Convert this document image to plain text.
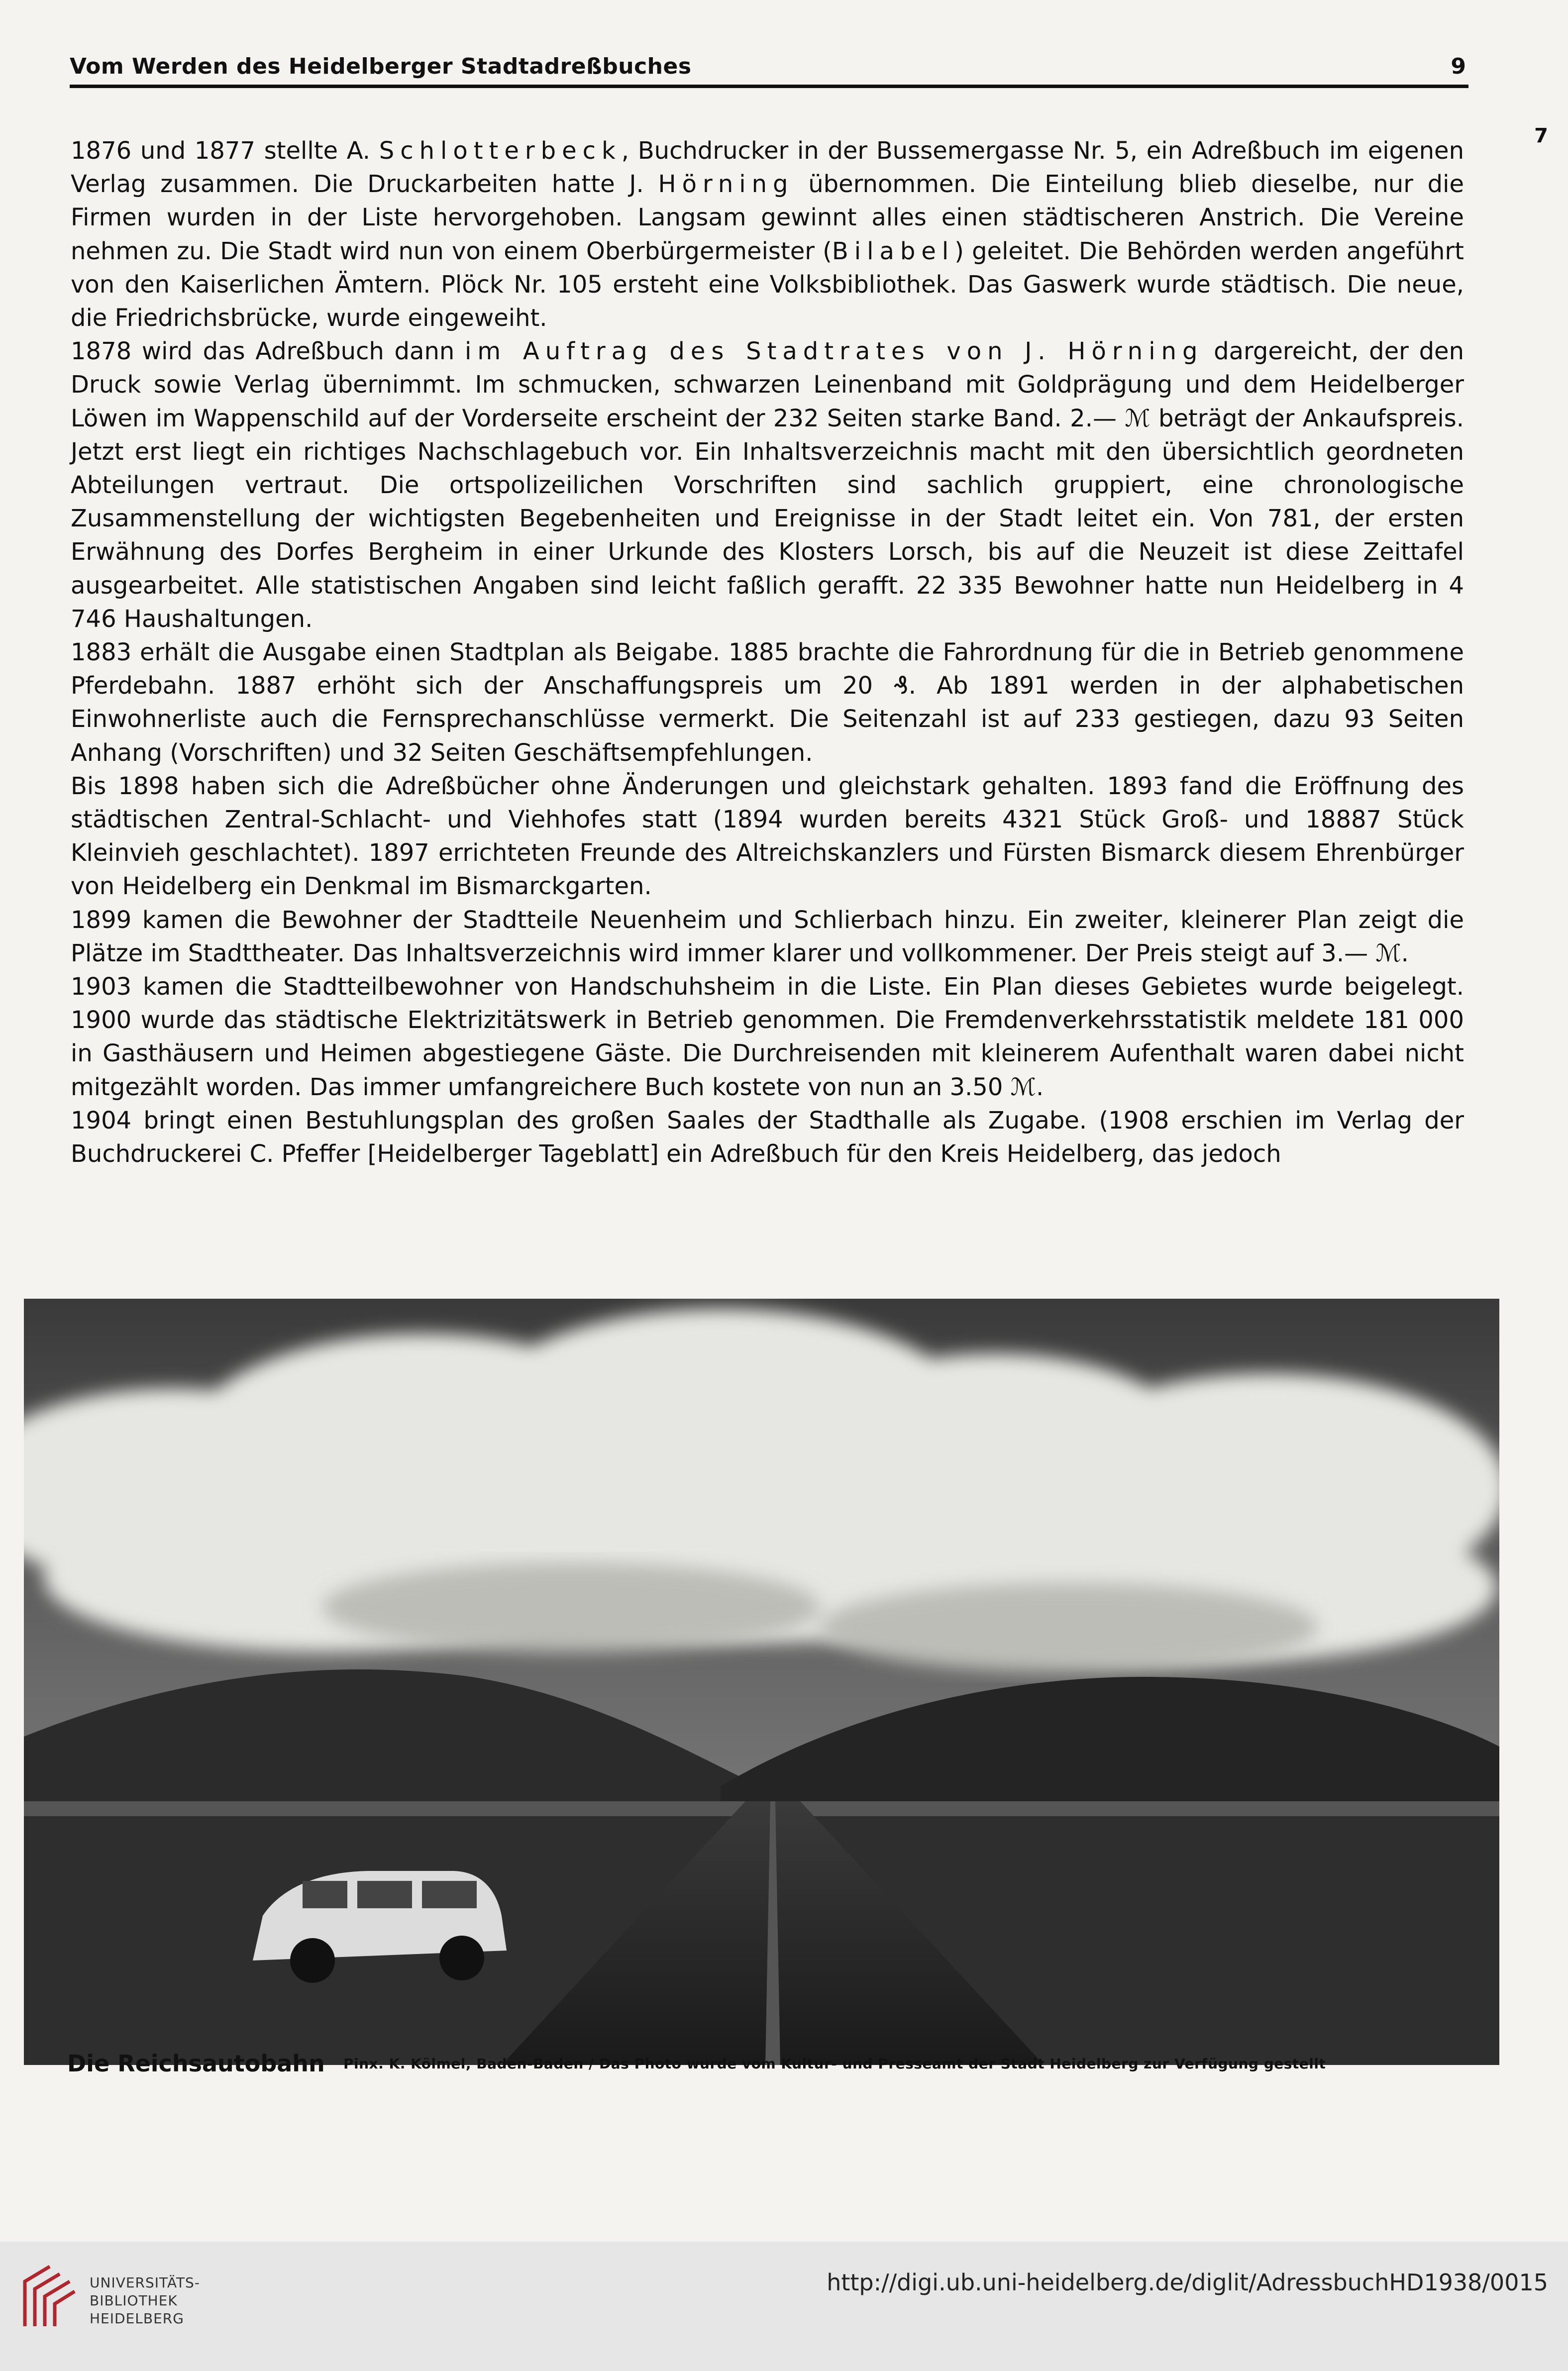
Vom Werden des Heidelberger Stadtadreßbuches	9
7

1876 und 1877 stellte A. Schlotterbeck, Buchdrucker in der Bussemergasse Nr. 5, ein Adreßbuch im eigenen Verlag zusammen. Die Druckarbeiten hatte J. Hörning übernommen. Die Einteilung blieb dieselbe, nur die Firmen wurden in der Liste hervorgehoben. Langsam gewinnt alles einen städtischeren Anstrich. Die Vereine nehmen zu. Die Stadt wird nun von einem Oberbürgermeister (Bilabel) geleitet. Die Behörden werden angeführt von den Kaiserlichen Ämtern. Plöck Nr. 105 ersteht eine Volksbibliothek. Das Gaswerk wurde städtisch. Die neue, die Friedrichsbrücke, wurde eingeweiht.

1878 wird das Adreßbuch dann im Auftrag des Stadtrates von J. Hörning dargereicht, der den Druck sowie Verlag übernimmt. Im schmucken, schwarzen Leinenband mit Goldprägung und dem Heidelberger Löwen im Wappenschild auf der Vorderseite erscheint der 232 Seiten starke Band. 2.— ℳ beträgt der Ankaufspreis. Jetzt erst liegt ein richtiges Nachschlagebuch vor. Ein Inhaltsverzeichnis macht mit den übersichtlich geordneten Abteilungen vertraut. Die ortspolizeilichen Vorschriften sind sachlich gruppiert, eine chronologische Zusammenstellung der wichtigsten Begebenheiten und Ereignisse in der Stadt leitet ein. Von 781, der ersten Erwähnung des Dorfes Bergheim in einer Urkunde des Klosters Lorsch, bis auf die Neuzeit ist diese Zeittafel ausgearbeitet. Alle statistischen Angaben sind leicht faßlich gerafft. 22 335 Bewohner hatte nun Heidelberg in 4 746 Haushaltungen.

1883 erhält die Ausgabe einen Stadtplan als Beigabe. 1885 brachte die Fahrordnung für die in Betrieb genommene Pferdebahn. 1887 erhöht sich der Anschaffungspreis um 20 ₰. Ab 1891 werden in der alphabetischen Einwohnerliste auch die Fernsprechanschlüsse vermerkt. Die Seitenzahl ist auf 233 gestiegen, dazu 93 Seiten Anhang (Vorschriften) und 32 Seiten Geschäftsempfehlungen.

Bis 1898 haben sich die Adreßbücher ohne Änderungen und gleichstark gehalten. 1893 fand die Eröffnung des städtischen Zentral-Schlacht- und Viehhofes statt (1894 wurden bereits 4321 Stück Groß- und 18887 Stück Kleinvieh geschlachtet). 1897 errichteten Freunde des Altreichskanzlers und Fürsten Bismarck diesem Ehrenbürger von Heidelberg ein Denkmal im Bismarckgarten.

1899 kamen die Bewohner der Stadtteile Neuenheim und Schlierbach hinzu. Ein zweiter, kleinerer Plan zeigt die Plätze im Stadttheater. Das Inhaltsverzeichnis wird immer klarer und vollkommener. Der Preis steigt auf 3.— ℳ.

1903 kamen die Stadtteilbewohner von Handschuhsheim in die Liste. Ein Plan dieses Gebietes wurde beigelegt. 1900 wurde das städtische Elektrizitätswerk in Betrieb genommen. Die Fremdenverkehrsstatistik meldete 181 000 in Gasthäusern und Heimen abgestiegene Gäste. Die Durchreisenden mit kleinerem Aufenthalt waren dabei nicht mitgezählt worden. Das immer umfangreichere Buch kostete von nun an 3.50 ℳ.

1904 bringt einen Bestuhlungsplan des großen Saales der Stadthalle als Zugabe. (1908 erschien im Verlag der Buchdruckerei C. Pfeffer [Heidelberger Tageblatt] ein Adreßbuch für den Kreis Heidelberg, das jedoch

Die Reichsautobahn Pinx. K. Kölmel, Baden-Baden / Das Photo wurde vom Kultur- und Presseamt der Stadt Heidelberg zur Verfügung gestellt
UNIVERSITÄTS-
BIBLIOTHEK
HEIDELBERG
http://digi.ub.uni-heidelberg.de/diglit/AdressbuchHD1938/0015
